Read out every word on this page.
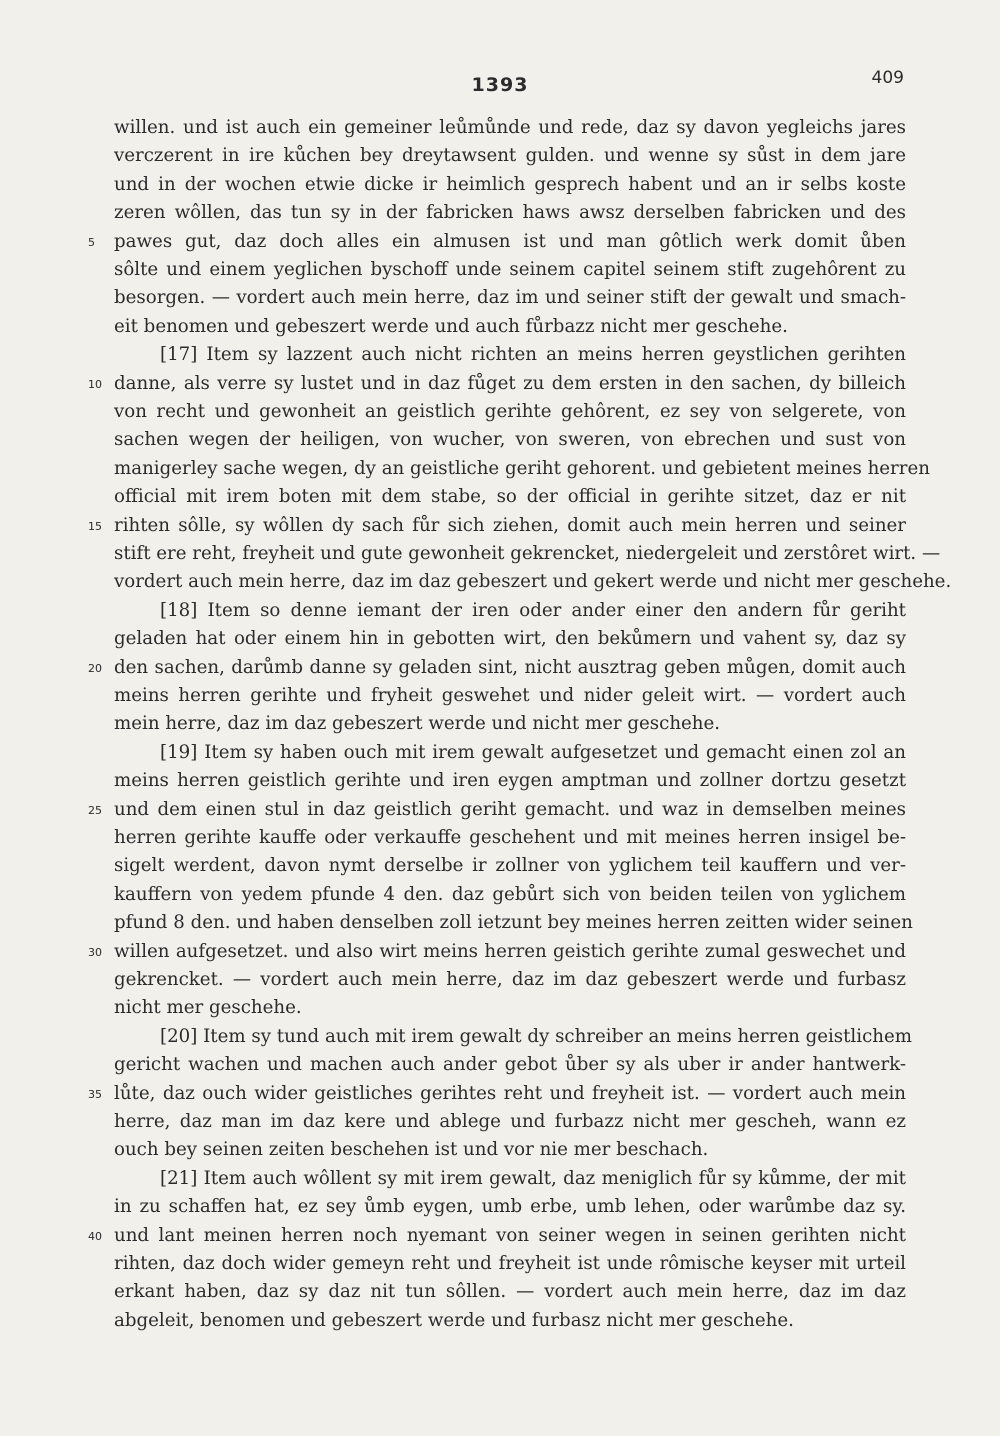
1393	409
willen. und ist auch ein gemeiner leůmůnde und rede, daz sy davon yegleichs jares
verczerent in ire kůchen bey dreytawsent gulden. und wenne sy sůst in dem jare
und in der wochen etwie dicke ir heimlich gesprech habent und an ir selbs koste
zeren wôllen, das tun sy in der fabricken haws awsz derselben fabricken und des
pawes gut, daz doch alles ein almusen ist und man gôtlich werk domit ůben
5
sôlte und einem yeglichen byschoff unde seinem capitel seinem stift zugehôrent zu
besorgen. — vordert auch mein herre, daz im und seiner stift der gewalt und smach-
eit benomen und gebeszert werde und auch fůrbazz nicht mer geschehe.
[17] Item sy lazzent auch nicht richten an meins herren geystlichen gerihten
danne, als verre sy lustet und in daz fůget zu dem ersten in den sachen, dy billeich
10
von recht und gewonheit an geistlich gerihte gehôrent, ez sey von selgerete, von
sachen wegen der heiligen, von wucher, von sweren, von ebrechen und sust von
manigerley sache wegen, dy an geistliche geriht gehorent. und gebietent meines herren
official mit irem boten mit dem stabe, so der official in gerihte sitzet, daz er nit
rihten sôlle, sy wôllen dy sach fůr sich ziehen, domit auch mein herren und seiner
15
stift ere reht, freyheit und gute gewonheit gekrencket, niedergeleit und zerstôret wirt. —
vordert auch mein herre, daz im daz gebeszert und gekert werde und nicht mer geschehe.
[18] Item so denne iemant der iren oder ander einer den andern fůr geriht
geladen hat oder einem hin in gebotten wirt, den bekůmern und vahent sy, daz sy
den sachen, darůmb danne sy geladen sint, nicht ausztrag geben můgen, domit auch
20
meins herren gerihte und fryheit geswehet und nider geleit wirt. — vordert auch
mein herre, daz im daz gebeszert werde und nicht mer geschehe.
[19] Item sy haben ouch mit irem gewalt aufgesetzet und gemacht einen zol an
meins herren geistlich gerihte und iren eygen amptman und zollner dortzu gesetzt
und dem einen stul in daz geistlich geriht gemacht. und waz in demselben meines
25
herren gerihte kauffe oder verkauffe geschehent und mit meines herren insigel be-
sigelt werdent, davon nymt derselbe ir zollner von yglichem teil kauffern und ver-
kauffern von yedem pfunde 4 den. daz gebůrt sich von beiden teilen von yglichem
pfund 8 den. und haben denselben zoll ietzunt bey meines herren zeitten wider seinen
willen aufgesetzet. und also wirt meins herren geistich gerihte zumal geswechet und
30
gekrencket. — vordert auch mein herre, daz im daz gebeszert werde und furbasz
nicht mer geschehe.
[20] Item sy tund auch mit irem gewalt dy schreiber an meins herren geistlichem
gericht wachen und machen auch ander gebot ůber sy als uber ir ander hantwerk-
lůte, daz ouch wider geistliches gerihtes reht und freyheit ist. — vordert auch mein
35
herre, daz man im daz kere und ablege und furbazz nicht mer gescheh, wann ez
ouch bey seinen zeiten beschehen ist und vor nie mer beschach.
[21] Item auch wôllent sy mit irem gewalt, daz meniglich fůr sy kůmme, der mit
in zu schaffen hat, ez sey ůmb eygen, umb erbe, umb lehen, oder warůmbe daz sy.
und lant meinen herren noch nyemant von seiner wegen in seinen gerihten nicht
40
rihten, daz doch wider gemeyn reht und freyheit ist unde rômische keyser mit urteil
erkant haben, daz sy daz nit tun sôllen. — vordert auch mein herre, daz im daz
abgeleit, benomen und gebeszert werde und furbasz nicht mer geschehe.
